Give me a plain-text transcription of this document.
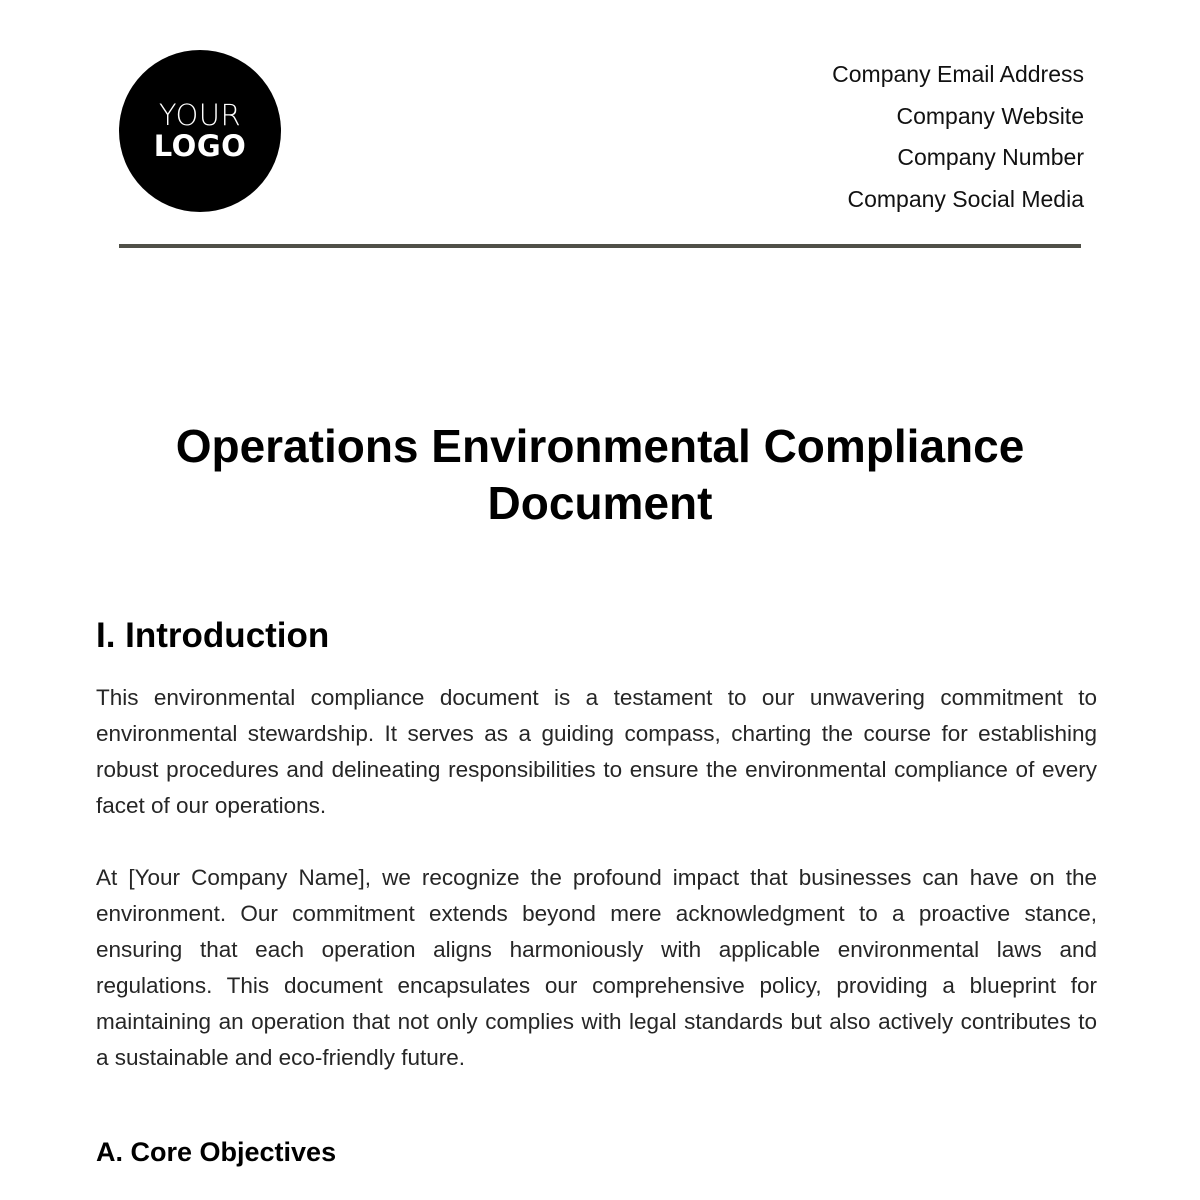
YOUR
LOGO
Company Email Address
Company Website
Company Number
Company Social Media
Operations Environmental Compliance Document
I. Introduction

This environmental compliance document is a testament to our unwavering commitment to environmental stewardship. It serves as a guiding compass, charting the course for establishing robust procedures and delineating responsibilities to ensure the environmental compliance of every facet of our operations.

At [Your Company Name], we recognize the profound impact that businesses can have on the environment. Our commitment extends beyond mere acknowledgment to a proactive stance, ensuring that each operation aligns harmoniously with applicable environmental laws and regulations. This document encapsulates our comprehensive policy, providing a blueprint for maintaining an operation that not only complies with legal standards but also actively contributes to a sustainable and eco-friendly future.

A. Core Objectives
